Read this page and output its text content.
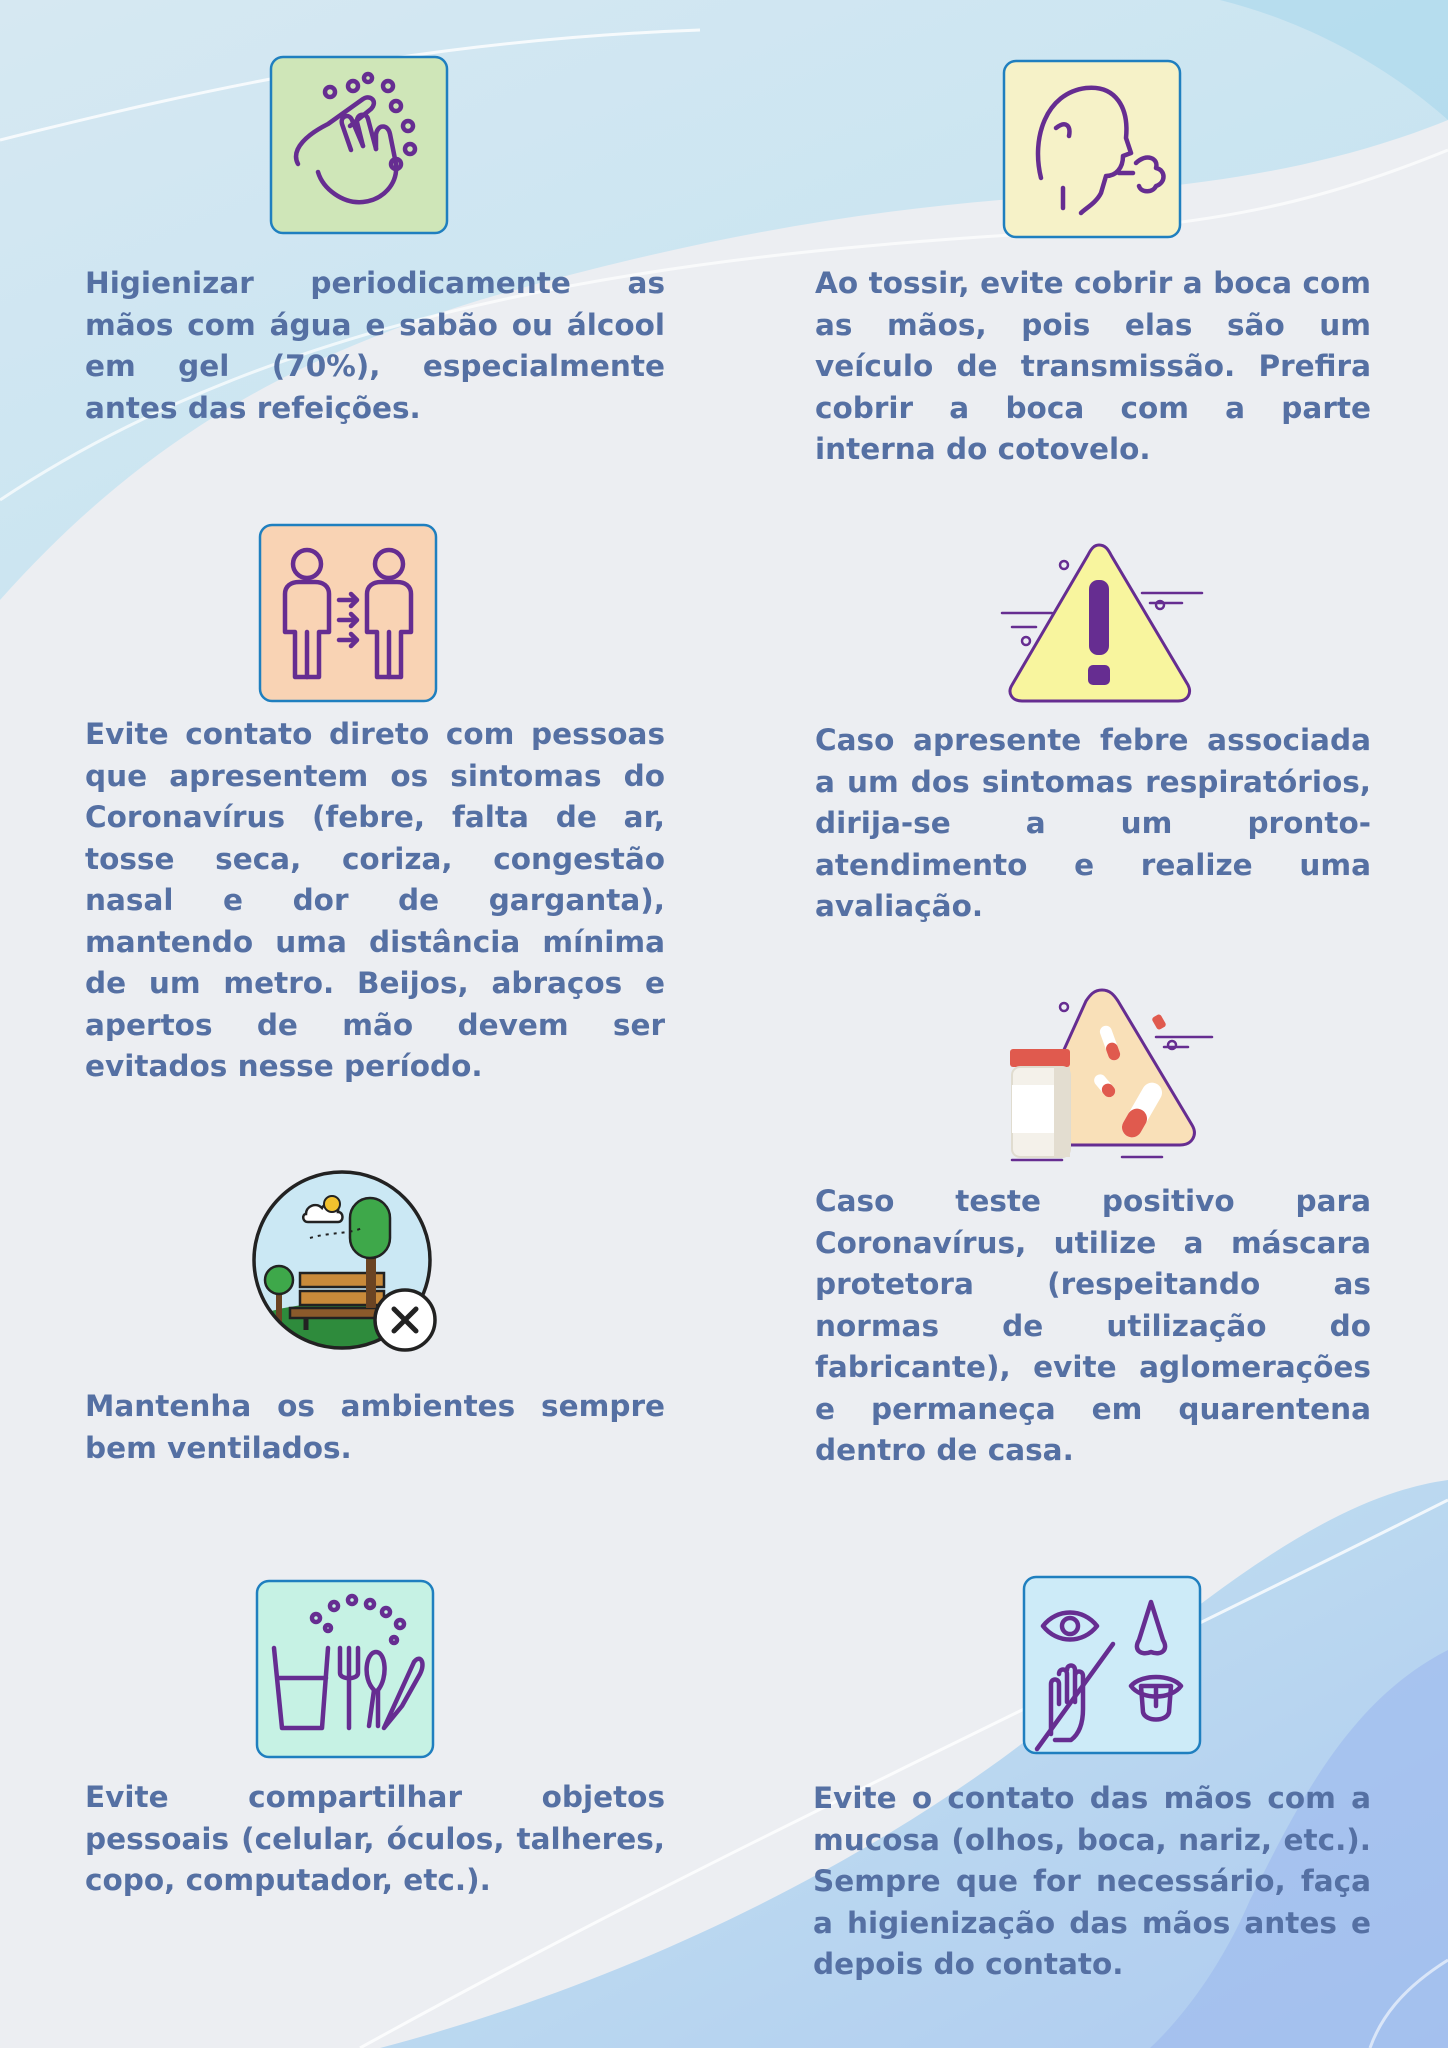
Higienizar periodicamente as mãos com água e sabão ou álcool em gel (70%), especialmente antes das refeições.

Ao tossir, evite cobrir a boca com as mãos, pois elas são um veículo de transmissão. Prefira cobrir a boca com a parte interna do cotovelo.

Evite contato direto com pessoas que apresentem os sintomas do Coronavírus (febre, falta de ar, tosse seca, coriza, congestão nasal e dor de garganta), mantendo uma distância mínima de um metro. Beijos, abraços e apertos de mão devem ser evitados nesse período.

Caso apresente febre associada a um dos sintomas respiratórios, dirija-se a um pronto-atendimento e realize uma avaliação.

Mantenha os ambientes sempre bem ventilados.

Caso teste positivo para Coronavírus, utilize a máscara protetora (respeitando as normas de utilização do fabricante), evite aglomerações e permaneça em quarentena dentro de casa.

Evite compartilhar objetos pessoais (celular, óculos, talheres, copo, computador, etc.).

Evite o contato das mãos com a mucosa (olhos, boca, nariz, etc.). Sempre que for necessário, faça a higienização das mãos antes e depois do contato.
